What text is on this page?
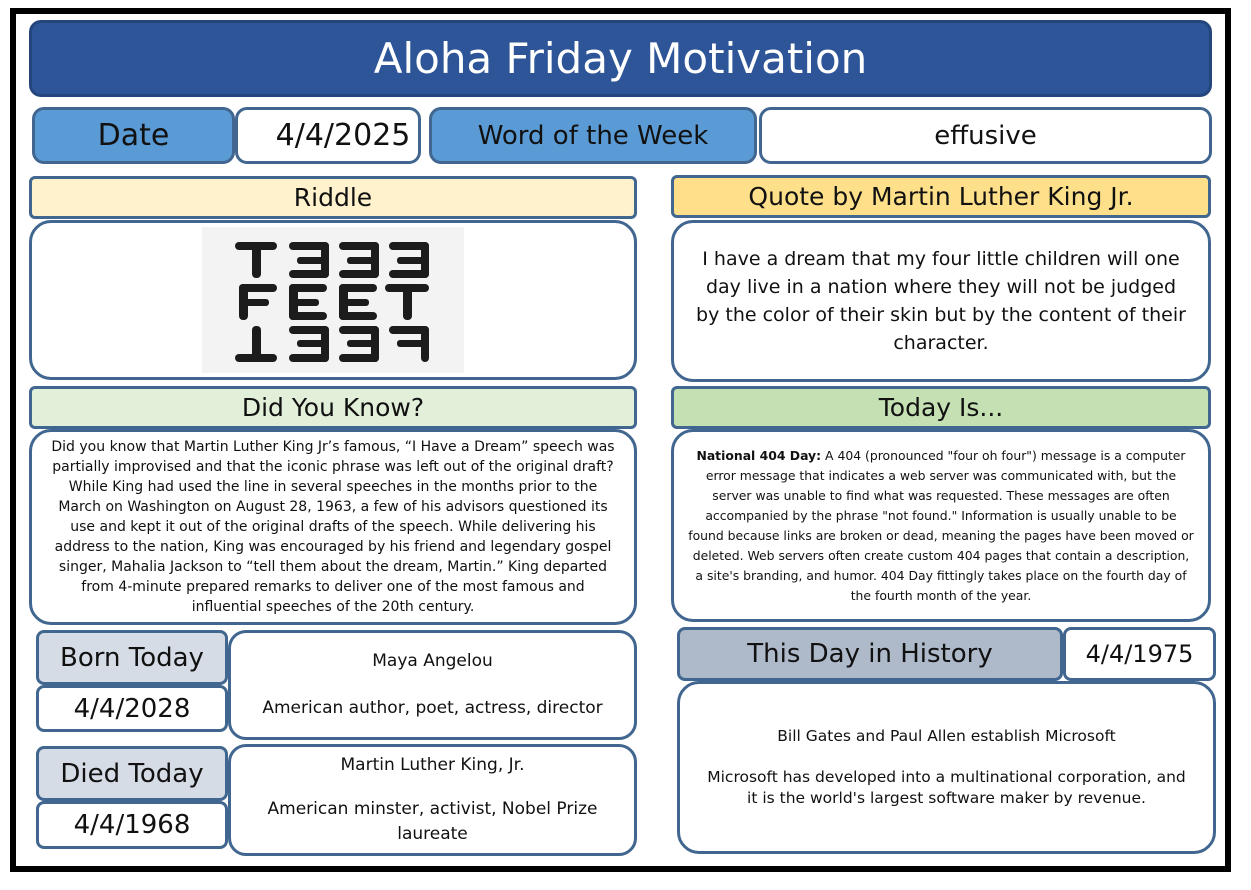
Aloha Friday Motivation
Date	4/4/2025	Word of the Week	effusive
Riddle	Quote by Martin Luther King Jr.
I have a dream that my four little children will one day live in a nation where they will not be judged by the color of their skin but by the content of their character.
Did You Know?
Did you know that Martin Luther King Jr’s famous, “I Have a Dream” speech was partially improvised and that the iconic phrase was left out of the original draft?
While King had used the line in several speeches in the months prior to the March on Washington on August 28, 1963, a few of his advisors questioned its use and kept it out of the original drafts of the speech. While delivering his address to the nation, King was encouraged by his friend and legendary gospel singer, Mahalia Jackson to “tell them about the dream, Martin.” King departed from 4-minute prepared remarks to deliver one of the most famous and influential speeches of the 20th century.
Today Is...
National 404 Day: A 404 (pronounced "four oh four") message is a computer error message that indicates a web server was communicated with, but the server was unable to find what was requested. These messages are often accompanied by the phrase "not found." Information is usually unable to be found because links are broken or dead, meaning the pages have been moved or deleted. Web servers often create custom 404 pages that contain a description, a site's branding, and humor. 404 Day fittingly takes place on the fourth day of the fourth month of the year.
Born Today
4/4/2028
Maya Angelou
American author, poet, actress, director
Died Today
4/4/1968
Martin Luther King, Jr.
American minster, activist, Nobel Prize laureate
This Day in History	4/4/1975
Bill Gates and Paul Allen establish Microsoft
Microsoft has developed into a multinational corporation, and it is the world's largest software maker by revenue.
